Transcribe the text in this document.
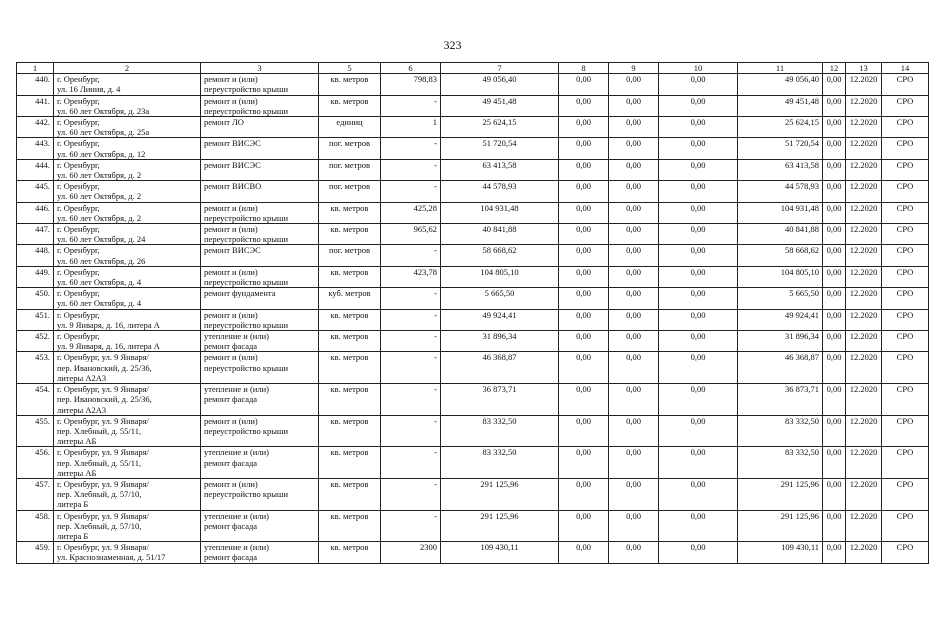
323
1	2	3	5	6	7	8	9	10	11	12	13	14
440.	г. Оренбург,
ул. 16 Линия, д. 4	ремонт и (или)
переустройство крыши	кв. метров	798,83	49 056,40	0,00	0,00	0,00	49 056,40	0,00	12.2020	СРО
441.	г. Оренбург,
ул. 60 лет Октября, д. 23а	ремонт и (или)
переустройство крыши	кв. метров	-	49 451,48	0,00	0,00	0,00	49 451,48	0,00	12.2020	СРО
442.	г. Оренбург,
ул. 60 лет Октября, д. 25а	ремонт ЛО	единиц	1	25 624,15	0,00	0,00	0,00	25 624,15	0,00	12.2020	СРО
443.	г. Оренбург,
ул. 60 лет Октября, д. 12	ремонт ВИСЭС	пог. метров	-	51 720,54	0,00	0,00	0,00	51 720,54	0,00	12.2020	СРО
444.	г. Оренбург,
ул. 60 лет Октября, д. 2	ремонт ВИСЭС	пог. метров	-	63 413,58	0,00	0,00	0,00	63 413,58	0,00	12.2020	СРО
445.	г. Оренбург,
ул. 60 лет Октября, д. 2	ремонт ВИСВО	пог. метров	-	44 578,93	0,00	0,00	0,00	44 578,93	0,00	12.2020	СРО
446.	г. Оренбург,
ул. 60 лет Октября, д. 2	ремонт и (или)
переустройство крыши	кв. метров	425,28	104 931,48	0,00	0,00	0,00	104 931,48	0,00	12.2020	СРО
447.	г. Оренбург,
ул. 60 лет Октября, д. 24	ремонт и (или)
переустройство крыши	кв. метров	965,62	40 841,88	0,00	0,00	0,00	40 841,88	0,00	12.2020	СРО
448.	г. Оренбург,
ул. 60 лет Октября, д. 26	ремонт ВИСЭС	пог. метров	-	58 668,62	0,00	0,00	0,00	58 668,62	0,00	12.2020	СРО
449.	г. Оренбург,
ул. 60 лет Октября, д. 4	ремонт и (или)
переустройство крыши	кв. метров	423,78	104 805,10	0,00	0,00	0,00	104 805,10	0,00	12.2020	СРО
450.	г. Оренбург,
ул. 60 лет Октября, д. 4	ремонт фундамента	куб. метров	-	5 665,50	0,00	0,00	0,00	5 665,50	0,00	12.2020	СРО
451.	г. Оренбург,
ул. 9 Января, д. 16, литера А	ремонт и (или)
переустройство крыши	кв. метров	-	49 924,41	0,00	0,00	0,00	49 924,41	0,00	12.2020	СРО
452.	г. Оренбург,
ул. 9 Января, д. 16, литера А	утепление и (или)
ремонт фасада	кв. метров	-	31 896,34	0,00	0,00	0,00	31 896,34	0,00	12.2020	СРО
453.	г. Оренбург, ул. 9 Января/
пер. Ивановский, д. 25/36,
литеры А2А3	ремонт и (или)
переустройство крыши	кв. метров	-	46 368,87	0,00	0,00	0,00	46 368,87	0,00	12.2020	СРО
454.	г. Оренбург, ул. 9 Января/
пер. Ивановский, д. 25/36,
литеры А2А3	утепление и (или)
ремонт фасада	кв. метров	-	36 873,71	0,00	0,00	0,00	36 873,71	0,00	12.2020	СРО
455.	г. Оренбург, ул. 9 Января/
пер. Хлебный, д. 55/11,
литеры АБ	ремонт и (или)
переустройство крыши	кв. метров	-	83 332,50	0,00	0,00	0,00	83 332,50	0,00	12.2020	СРО
456.	г. Оренбург, ул. 9 Января/
пер. Хлебный, д. 55/11,
литеры АБ	утепление и (или)
ремонт фасада	кв. метров	-	83 332,50	0,00	0,00	0,00	83 332,50	0,00	12.2020	СРО
457.	г. Оренбург, ул. 9 Января/
пер. Хлебный, д. 57/10,
литера Б	ремонт и (или)
переустройство крыши	кв. метров	-	291 125,96	0,00	0,00	0,00	291 125,96	0,00	12.2020	СРО
458.	г. Оренбург, ул. 9 Января/
пер. Хлебный, д. 57/10,
литера Б	утепление и (или)
ремонт фасада	кв. метров	-	291 125,96	0,00	0,00	0,00	291 125,96	0,00	12.2020	СРО
459.	г. Оренбург, ул. 9 Января/
ул. Краснознаменная, д. 51/17	утепление и (или)
ремонт фасада	кв. метров	2300	109 430,11	0,00	0,00	0,00	109 430,11	0,00	12.2020	СРО
